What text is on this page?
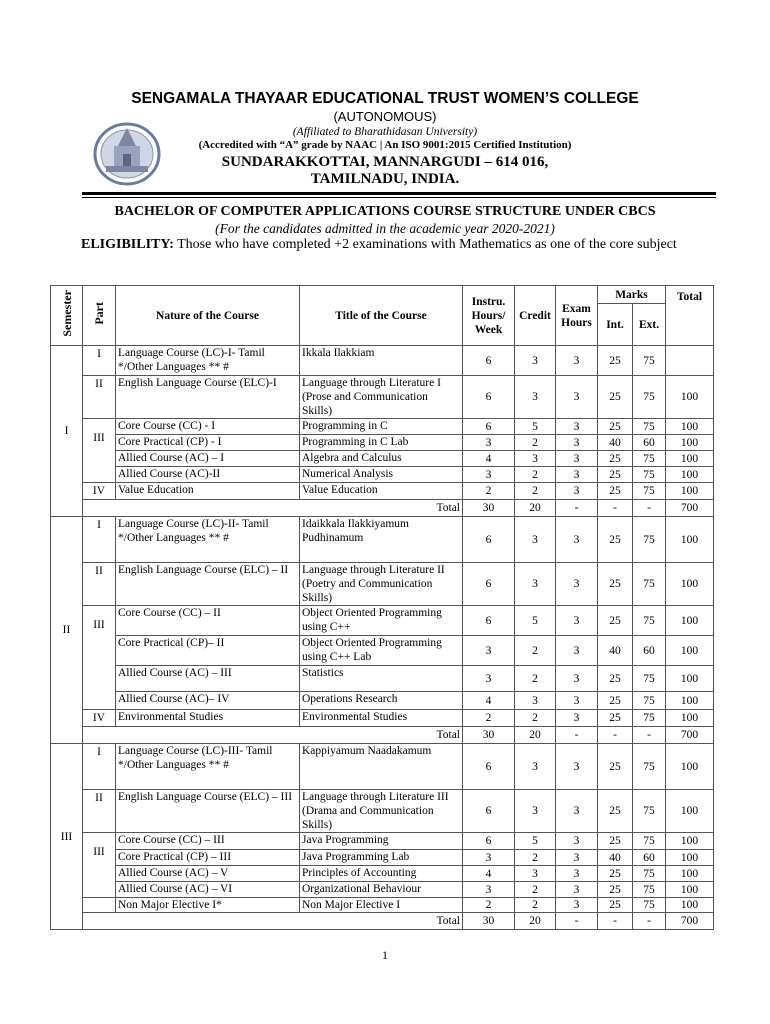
SENGAMALA THAYAAR EDUCATIONAL TRUST WOMEN’S COLLEGE
(AUTONOMOUS)
(Affiliated to Bharathidasan University)
(Accredited with “A” grade by NAAC | An ISO 9001:2015 Certified Institution)
SUNDARAKKOTTAI, MANNARGUDI – 614 016,
TAMILNADU, INDIA.
BACHELOR OF COMPUTER APPLICATIONS COURSE STRUCTURE UNDER CBCS
(For the candidates admitted in the academic year 2020-2021)
ELIGIBILITY: Those who have completed +2 examinations with Mathematics as one of the core subject
Semester	Part	Nature of the Course	Title of the Course	Instru. Hours/ Week	Credit	Exam Hours	Marks		Total
							Int.	Ext.	
I	I	Language Course (LC)-I- Tamil */Other Languages ** #	Ikkala Ilakkiam	6	3	3	25	75	
	II	English Language Course (ELC)-I	Language through Literature I (Prose and Communication Skills)	6	3	3	25	75	100
	III	Core Course (CC) - I	Programming in C	6	5	3	25	75	100
		Core Practical (CP) - I	Programming in C Lab	3	2	3	40	60	100
		Allied Course (AC) – I	Algebra and Calculus	4	3	3	25	75	100
		Allied Course (AC)-II	Numerical Analysis	3	2	3	25	75	100
	IV	Value Education	Value Education	2	2	3	25	75	100
	Total			30	20	-	-	-	700
II	I	Language Course (LC)-II- Tamil */Other Languages ** #	Idaikkala Ilakkiyamum Pudhinamum	6	3	3	25	75	100
	II	English Language Course (ELC) – II	Language through Literature II (Poetry and Communication Skills)	6	3	3	25	75	100
	III	Core Course (CC) – II	Object Oriented Programming using C++	6	5	3	25	75	100
		Core Practical (CP)– II	Object Oriented Programming using C++ Lab	3	2	3	40	60	100
		Allied Course (AC) – III	Statistics	3	2	3	25	75	100
		Allied Course (AC)– IV	Operations Research	4	3	3	25	75	100
	IV	Environmental Studies	Environmental Studies	2	2	3	25	75	100
	Total			30	20	-	-	-	700
III	I	Language Course (LC)-III- Tamil */Other Languages ** #	Kappiyamum Naadakamum	6	3	3	25	75	100
	II	English Language Course (ELC) – III	Language through Literature III (Drama and Communication Skills)	6	3	3	25	75	100
	III	Core Course (CC) – III	Java Programming	6	5	3	25	75	100
		Core Practical (CP) – III	Java Programming Lab	3	2	3	40	60	100
		Allied Course (AC) – V	Principles of Accounting	4	3	3	25	75	100
		Allied Course (AC) – VI	Organizational Behaviour	3	2	3	25	75	100
		Non Major Elective I*	Non Major Elective I	2	2	3	25	75	100
	Total			30	20	-	-	-	700
1
